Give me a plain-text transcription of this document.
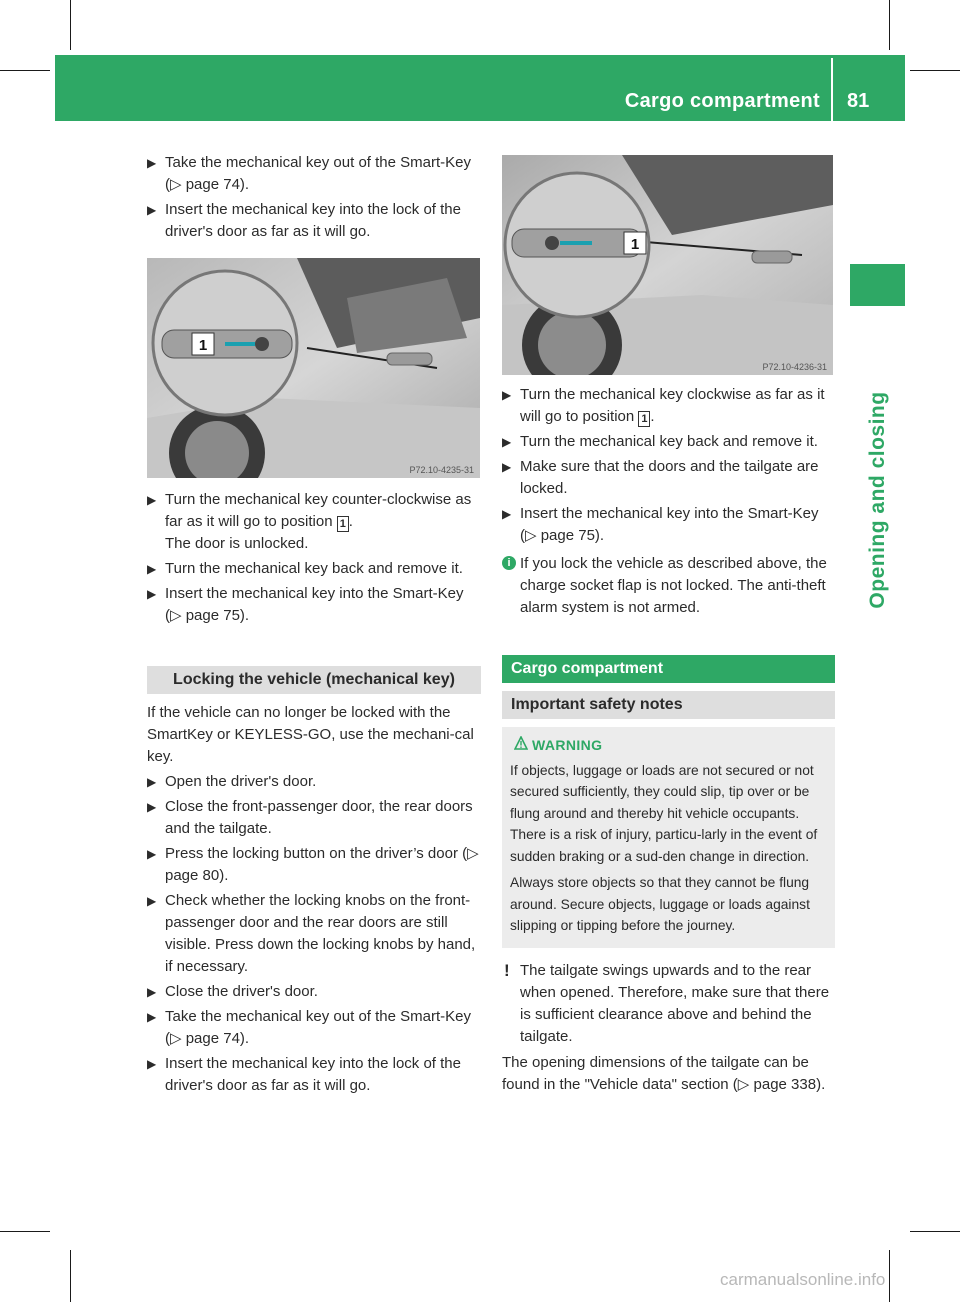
Cargo compartment 81
Opening and closing
▶ Take the mechanical key out of the Smart-Key (▷ page 74).
▶ Insert the mechanical key into the lock of the driver's door as far as it will go.
1
P72.10-4235-31
▶ Turn the mechanical key counter-clockwise as far as it will go to position 1 .
The door is unlocked.
▶ Turn the mechanical key back and remove it.
▶ Insert the mechanical key into the Smart-Key (▷ page 75).
Locking the vehicle (mechanical key)

If the vehicle can no longer be locked with the SmartKey or KEYLESS-GO, use the mechani-cal key.

▶ Open the driver's door.
▶ Close the front-passenger door, the rear doors and the tailgate.
▶ Press the locking button on the driver’s door (▷ page 80).
▶ Check whether the locking knobs on the front-passenger door and the rear doors are still visible. Press down the locking knobs by hand, if necessary.
▶ Close the driver's door.
▶ Take the mechanical key out of the Smart-Key (▷ page 74).
▶ Insert the mechanical key into the lock of the driver's door as far as it will go.
1
P72.10-4236-31
▶ Turn the mechanical key clockwise as far as it will go to position 1 .
▶ Turn the mechanical key back and remove it.
▶ Make sure that the doors and the tailgate are locked.
▶ Insert the mechanical key into the Smart-Key (▷ page 75).
i If you lock the vehicle as described above, the charge socket flap is not locked. The anti-theft alarm system is not armed.
Cargo compartment
Important safety notes
WARNING

If objects, luggage or loads are not secured or not secured sufficiently, they could slip, tip over or be flung around and thereby hit vehicle occupants. There is a risk of injury, particu-larly in the event of sudden braking or a sud-den change in direction.

Always store objects so that they cannot be flung around. Secure objects, luggage or loads against slipping or tipping before the journey.

! The tailgate swings upwards and to the rear when opened. Therefore, make sure that there is sufficient clearance above and behind the tailgate.

The opening dimensions of the tailgate can be found in the "Vehicle data" section (▷ page 338).

carmanualsonline.info
